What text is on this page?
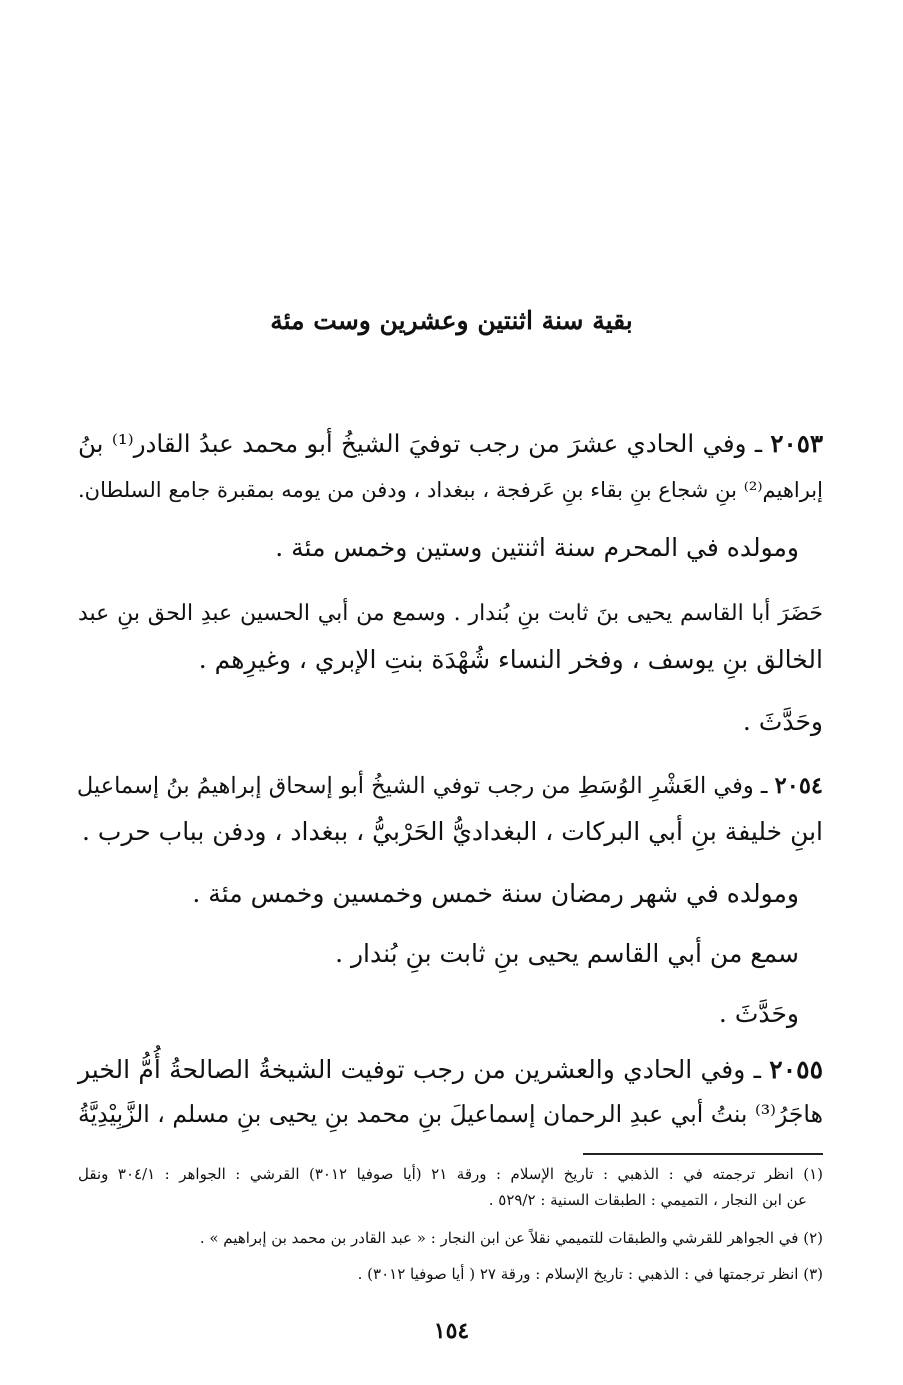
بقية سنة اثنتين وعشرين وست مئة
٢٠٥٣ ـ وفي الحادي عشرَ من رجب توفيَ الشيخُ أبو محمد عبدُ القادر⁽¹⁾ بنُ
إبراهيم⁽²⁾ بنِ شجاع بنِ بقاء بنِ عَرفجة ، ببغداد ، ودفن من يومه بمقبرة جامع السلطان.
ومولده في المحرم سنة اثنتين وستين وخمس مئة .
حَضَرَ أبا القاسم يحيى بنَ ثابت بنِ بُندار . وسمع من أبي الحسين عبدِ الحق بنِ عبد
الخالق بنِ يوسف ، وفخر النساء شُهْدَة بنتِ الإبري ، وغيرِهم .
وحَدَّثَ .
٢٠٥٤ ـ وفي العَشْرِ الوُسَطِ من رجب توفي الشيخُ أبو إسحاق إبراهيمُ بنُ إسماعيل
ابنِ خليفة بنِ أبي البركات ، البغداديُّ الحَرْبيُّ ، ببغداد ، ودفن بباب حرب .
ومولده في شهر رمضان سنة خمس وخمسين وخمس مئة .
سمع من أبي القاسم يحيى بنِ ثابت بنِ بُندار .
وحَدَّثَ .
٢٠٥٥ ـ وفي الحادي والعشرين من رجب توفيت الشيخةُ الصالحةُ أُمُّ الخير
هاجَرُ⁽³⁾ بنتُ أبي عبدِ الرحمان إسماعيلَ بنِ محمد بنِ يحيى بنِ مسلم ، الزَّبِيْدِيَّةُ
(١) انظر ترجمته في : الذهبي : تاريخ الإسلام : ورقة ٢١ (أيا صوفيا ٣٠١٢) القرشي : الجواهر : ٣٠٤/١ ونقل
عن ابن النجار ، التميمي : الطبقات السنية : ٥٢٩/٢ .
(٢) في الجواهر للقرشي والطبقات للتميمي نقلاً عن ابن النجار : « عبد القادر بن محمد بن إبراهيم » .
(٣) انظر ترجمتها في : الذهبي : تاريخ الإسلام : ورقة ٢٧ ( أيا صوفيا ٣٠١٢) .
١٥٤
